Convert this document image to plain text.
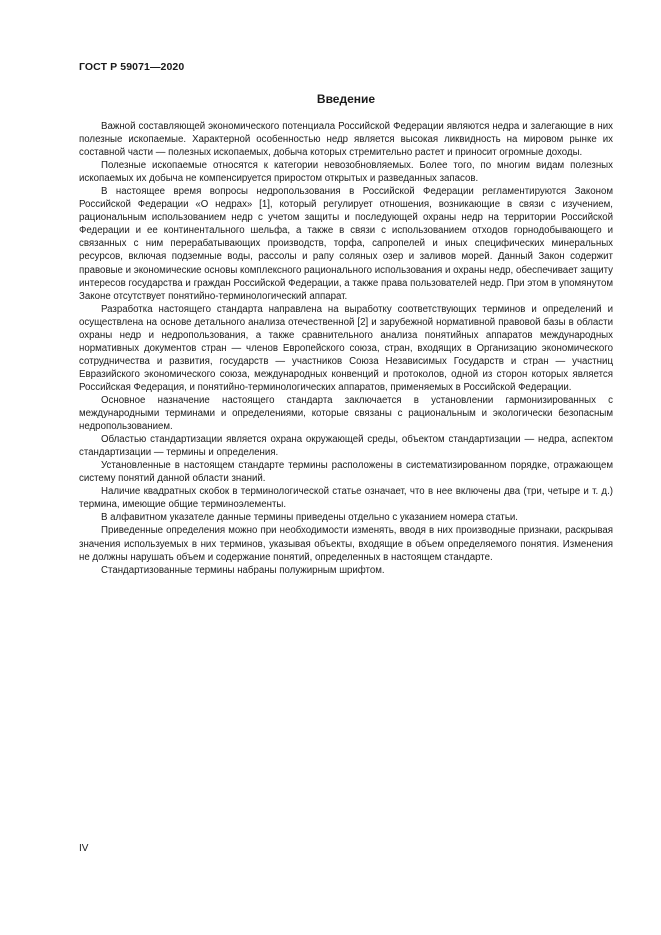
ГОСТ Р 59071—2020
Введение

Важной составляющей экономического потенциала Российской Федерации являются недра и залегающие в них полезные ископаемые. Характерной особенностью недр является высокая ликвидность на мировом рынке их составной части — полезных ископаемых, добыча которых стремительно растет и приносит огромные доходы.

Полезные ископаемые относятся к категории невозобновляемых. Более того, по многим видам полезных ископаемых их добыча не компенсируется приростом открытых и разведанных запасов.

В настоящее время вопросы недропользования в Российской Федерации регламентируются Законом Российской Федерации «О недрах» [1], который регулирует отношения, возникающие в связи с изучением, рациональным использованием недр с учетом защиты и последующей охраны недр на территории Российской Федерации и ее континентального шельфа, а также в связи с использованием отходов горнодобывающего и связанных с ним перерабатывающих производств, торфа, сапропелей и иных специфических минеральных ресурсов, включая подземные воды, рассолы и рапу соляных озер и заливов морей. Данный Закон содержит правовые и экономические основы комплексного рационального использования и охраны недр, обеспечивает защиту интересов государства и граждан Российской Федерации, а также права пользователей недр. При этом в упомянутом Законе отсутствует понятийно-терминологический аппарат.

Разработка настоящего стандарта направлена на выработку соответствующих терминов и определений и осуществлена на основе детального анализа отечественной [2] и зарубежной нормативной правовой базы в области охраны недр и недропользования, а также сравнительного анализа понятийных аппаратов международных нормативных документов стран — членов Европейского союза, стран, входящих в Организацию экономического сотрудничества и развития, государств — участников Союза Независимых Государств и стран — участниц Евразийского экономического союза, международных конвенций и протоколов, одной из сторон которых является Российская Федерация, и понятийно-терминологических аппаратов, применяемых в Российской Федерации.

Основное назначение настоящего стандарта заключается в установлении гармонизированных с международными терминами и определениями, которые связаны с рациональным и экологически безопасным недропользованием.

Областью стандартизации является охрана окружающей среды, объектом стандартизации — недра, аспектом стандартизации — термины и определения.

Установленные в настоящем стандарте термины расположены в систематизированном порядке, отражающем систему понятий данной области знаний.

Наличие квадратных скобок в терминологической статье означает, что в нее включены два (три, четыре и т. д.) термина, имеющие общие терминоэлементы.

В алфавитном указателе данные термины приведены отдельно с указанием номера статьи.

Приведенные определения можно при необходимости изменять, вводя в них производные признаки, раскрывая значения используемых в них терминов, указывая объекты, входящие в объем определяемого понятия. Изменения не должны нарушать объем и содержание понятий, определенных в настоящем стандарте.

Стандартизованные термины набраны полужирным шрифтом.

IV
